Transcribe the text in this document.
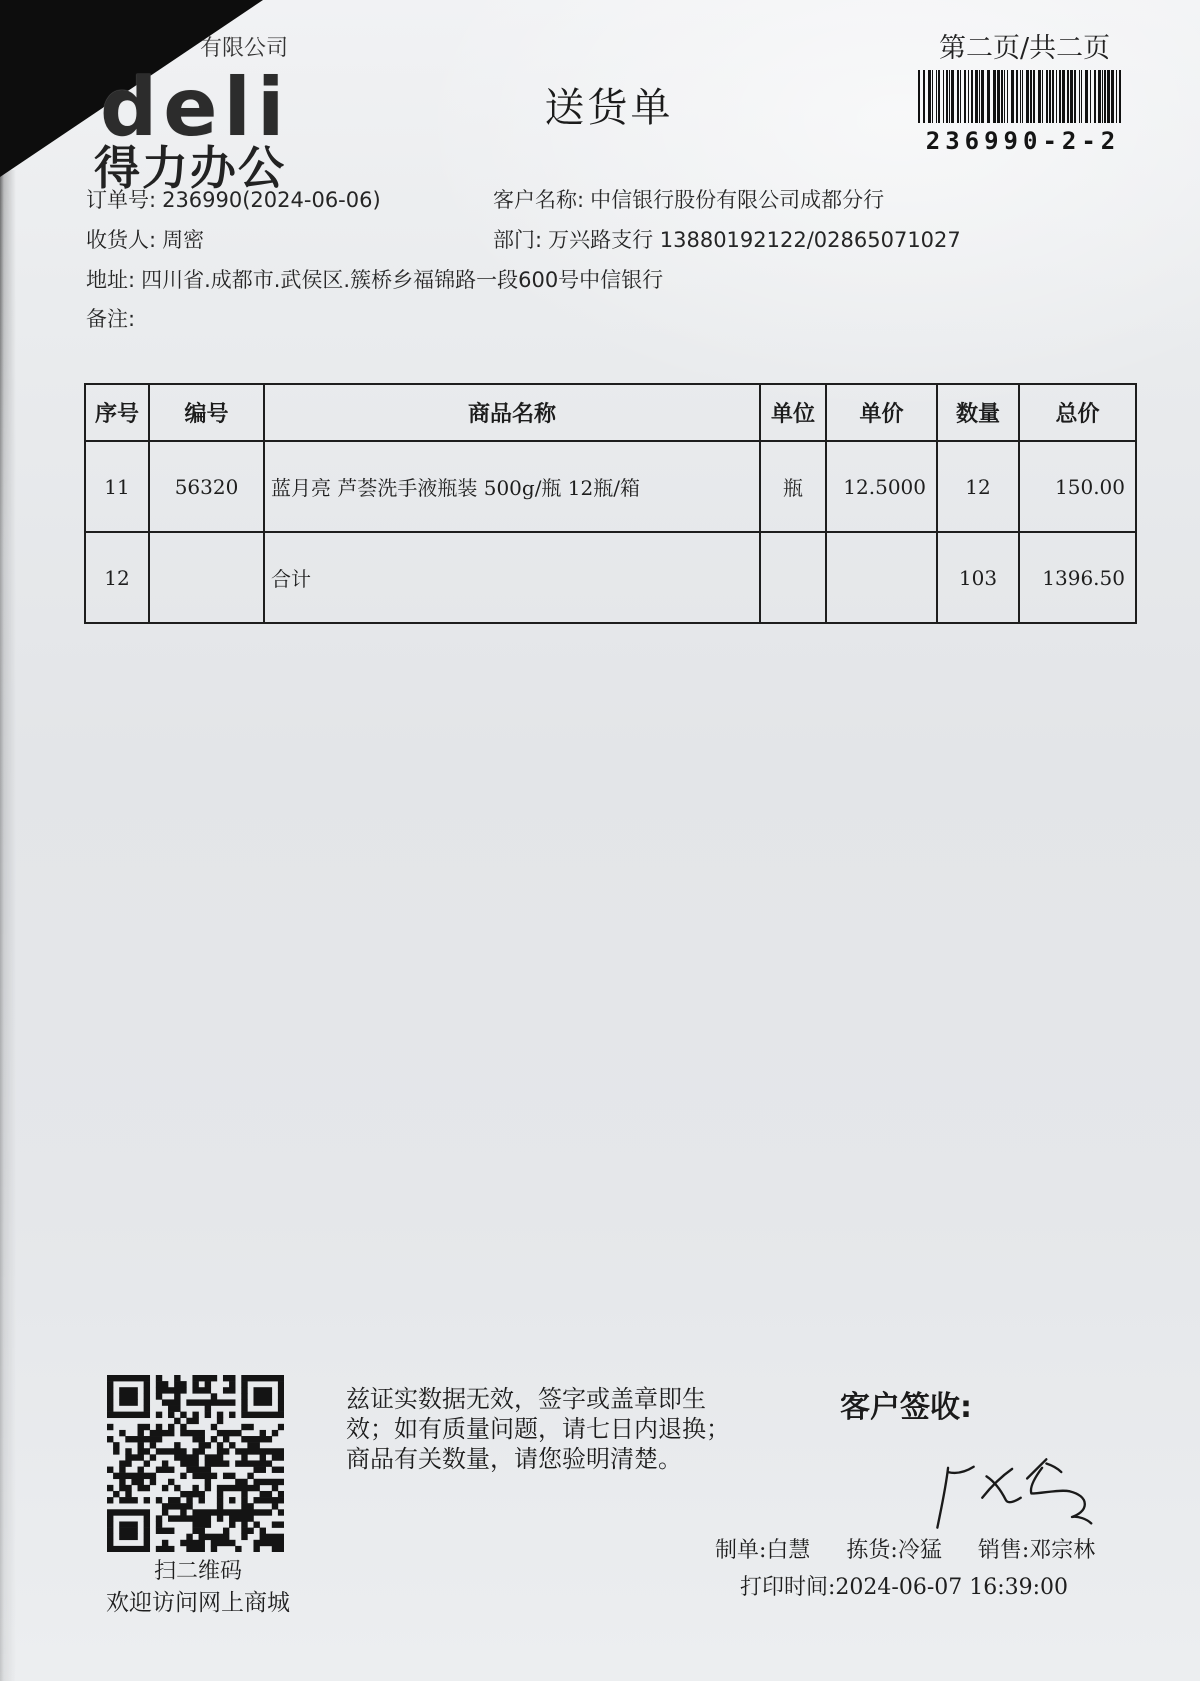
有限公司
deli
得力办公
送货单
第二页/共二页
236990-2-2
订单号: 236990(2024-06-06)	客户名称: 中信银行股份有限公司成都分行
收货人: 周密	部门: 万兴路支行 13880192122/02865071027
地址: 四川省.成都市.武侯区.簇桥乡福锦路一段600号中信银行
备注:
序号	编号	商品名称	单位	单价	数量	总价
11	56320	蓝月亮 芦荟洗手液瓶装 500g/瓶 12瓶/箱	瓶	12.5000	12	150.00
12		合计			103	1396.50
扫二维码
欢迎访问网上商城
兹证实数据无效，签字或盖章即生
效；如有质量问题，请七日内退换；
商品有关数量，请您验明清楚。
客户签收:
制单:白慧 拣货:冷猛 销售:邓宗林
打印时间:2024-06-07 16:39:00
